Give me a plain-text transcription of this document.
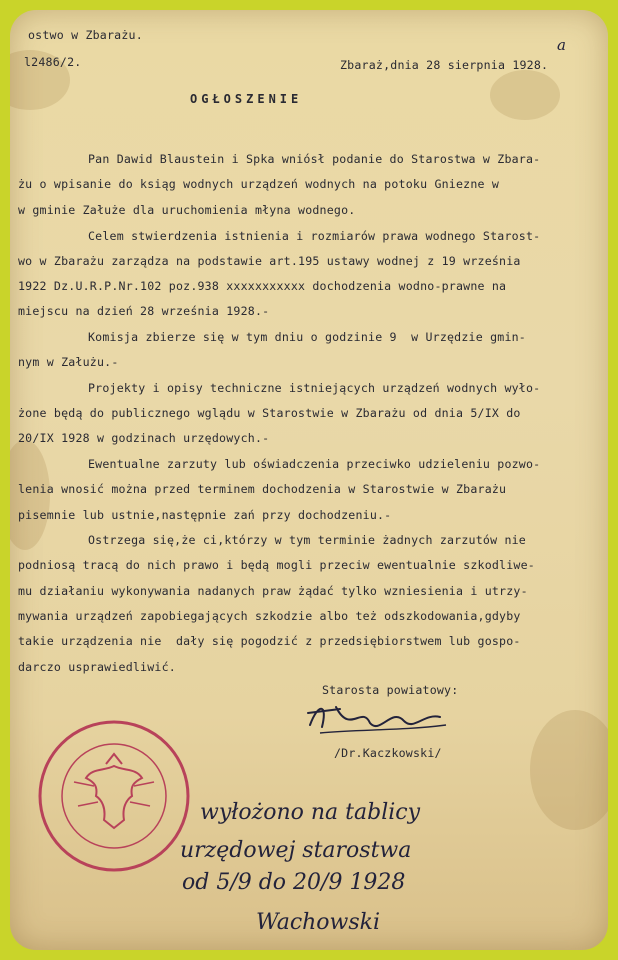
ostwo w Zbarażu.

l2486/2.	Zbaraż,dnia 28 sierpnia 1928.

a

OGŁOSZENIE

Pan Dawid Blaustein i Spka wniósł podanie do Starostwa w Zbara-

żu o wpisanie do ksiąg wodnych urządzeń wodnych na potoku Gniezne w

w gminie Załuże dla uruchomienia młyna wodnego.

Celem stwierdzenia istnienia i rozmiarów prawa wodnego Starost-

wo w Zbarażu zarządza na podstawie art.195 ustawy wodnej z 19 września

1922 Dz.U.R.P.Nr.102 poz.938 xxxxxxxxxxx dochodzenia wodno-prawne na

miejscu na dzień 28 września 1928.-

Komisja zbierze się w tym dniu o godzinie 9  w Urzędzie gmin-

nym w Załużu.-

Projekty i opisy techniczne istniejących urządzeń wodnych wyło-

żone będą do publicznego wglądu w Starostwie w Zbarażu od dnia 5/IX do

20/IX 1928 w godzinach urzędowych.-

Ewentualne zarzuty lub oświadczenia przeciwko udzieleniu pozwo-

lenia wnosić można przed terminem dochodzenia w Starostwie w Zbarażu

pisemnie lub ustnie,następnie zań przy dochodzeniu.-

Ostrzega się,że ci,którzy w tym terminie żadnych zarzutów nie

podniosą tracą do nich prawo i będą mogli przeciw ewentualnie szkodliwe-

mu działaniu wykonywania nadanych praw żądać tylko wzniesienia i utrzy-

mywania urządzeń zapobiegających szkodzie albo też odszkodowania,gdyby

takie urządzenia nie  dały się pogodzić z przedsiębiorstwem lub gospo-

darczo usprawiedliwić.

Starosta powiatowy:

/Dr.Kaczkowski/

wyłożono na tablicy

urzędowej starostwa

od 5/9 do 20/9 1928

Wachowski
